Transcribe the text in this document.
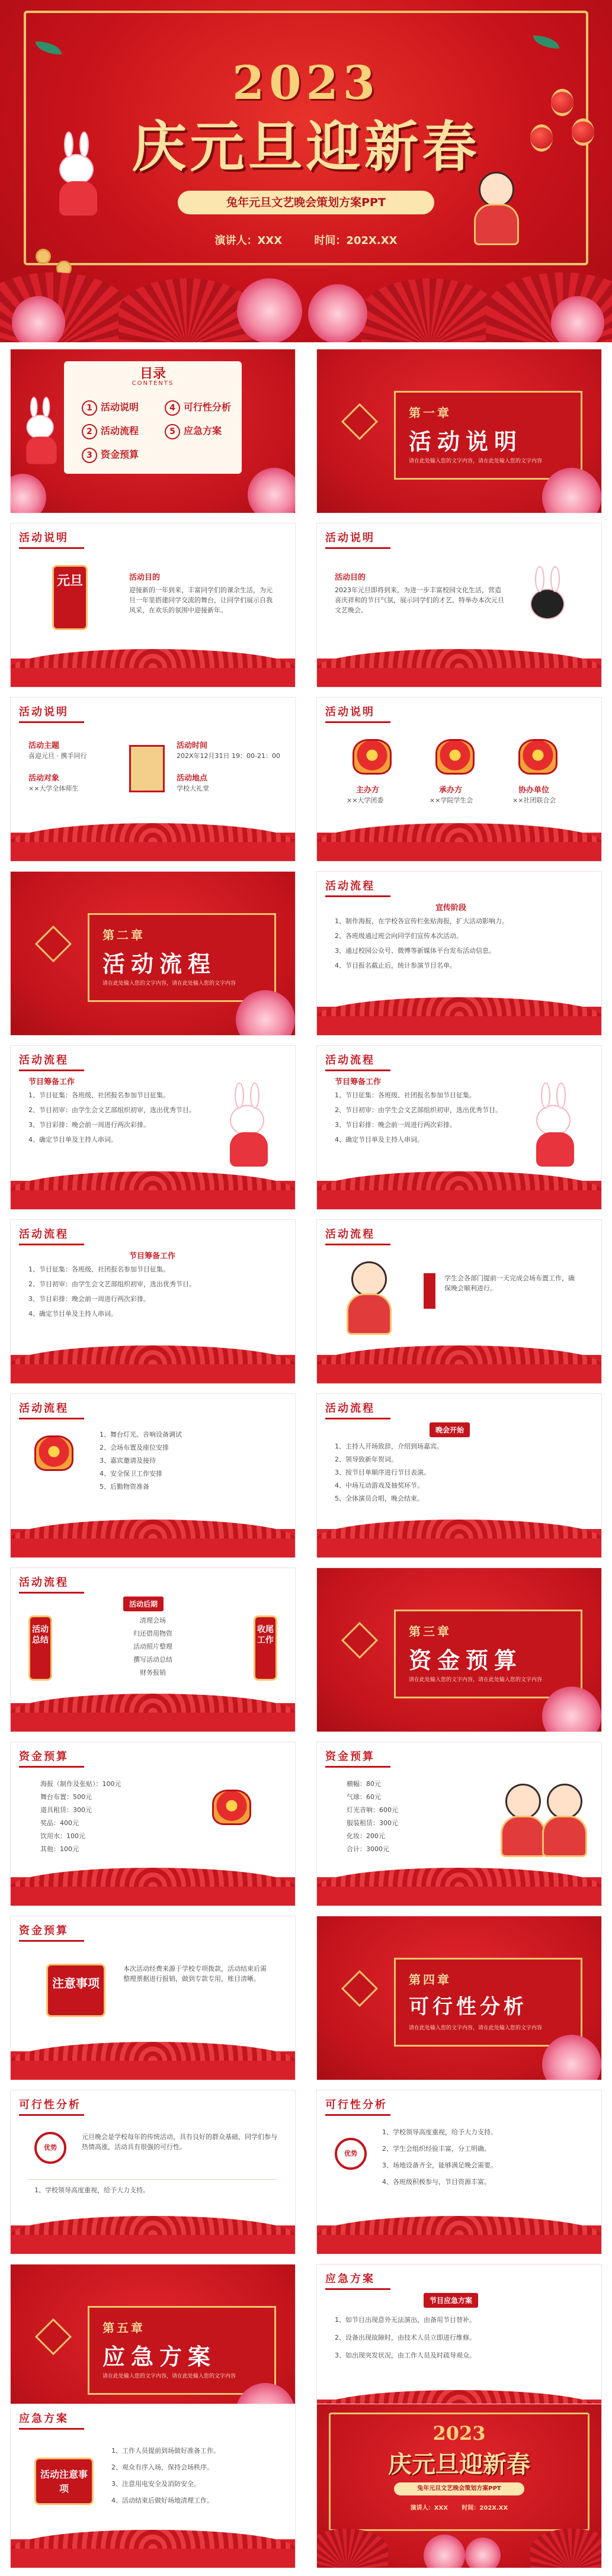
2023
庆元旦迎新春
兔年元旦文艺晚会策划方案PPT
演讲人：XXX	时间：202X.XX
目录
CONTENTS
1 活动说明	4 可行性分析
2 活动流程	5 应急方案
3 资金预算
第一章
活动说明
请在此处输入您的文字内容，请在此处输入您的文字内容
活动说明
元旦	活动目的
迎接新的一年到来，丰富同学们的课余生活，为元旦一年里搭建同学交流的舞台，让同学们展示自我风采，在欢乐的氛围中迎接新年。
活动说明
活动目的
2023年元旦即将到来，为进一步丰富校园文化生活，营造喜庆祥和的节日气氛，展示同学们的才艺，特举办本次元旦文艺晚会。
活动说明
活动主题
喜迎元旦 · 携手同行
活动对象
××大学全体师生
活动时间
202X年12月31日 19：00-21：00
活动地点
学校大礼堂
活动说明
主办方
××大学团委
承办方
××学院学生会
协办单位
××社团联合会
第二章
活动流程
请在此处输入您的文字内容，请在此处输入您的文字内容
活动流程
宣传阶段
1、制作海报，在学校各宣传栏张贴海报，扩大活动影响力。
2、各班级通过班会向同学们宣传本次活动。
3、通过校园公众号、微博等新媒体平台发布活动信息。
4、节目报名截止后，统计参演节目名单。
活动流程
节目筹备工作
1、节目征集：各班级、社团报名参加节目征集。
2、节目初审：由学生会文艺部组织初审，选出优秀节目。
3、节目彩排：晚会前一周进行两次彩排。
4、确定节目单及主持人串词。
活动流程
节目筹备工作
1、节目征集：各班级、社团报名参加节目征集。
2、节目初审：由学生会文艺部组织初审，选出优秀节目。
3、节目彩排：晚会前一周进行两次彩排。
4、确定节目单及主持人串词。
活动流程
节目筹备工作
1、节目征集：各班级、社团报名参加节目征集。
2、节目初审：由学生会文艺部组织初审，选出优秀节目。
3、节目彩排：晚会前一周进行两次彩排。
4、确定节目单及主持人串词。
活动流程
学生会各部门提前一天完成会场布置工作，确保晚会顺利进行。
活动流程
1、舞台灯光、音响设备调试
2、会场布置及座位安排
3、嘉宾邀请及接待
4、安全保卫工作安排
5、后勤物资准备
活动流程
晚会开始
1、主持人开场致辞，介绍到场嘉宾。
2、领导致新年贺词。
3、按节目单顺序进行节目表演。
4、中场互动游戏及抽奖环节。
5、全体演员合唱，晚会结束。
活动流程
活动后期
活动总结
收尾工作
清理会场
归还借用物资
活动照片整理
撰写活动总结
财务报销
第三章
资金预算
请在此处输入您的文字内容，请在此处输入您的文字内容
资金预算
海报（制作及张贴）：100元
舞台布置：500元
道具租赁：300元
奖品：400元
饮用水：100元
其他：100元
资金预算
横幅：80元
气球：60元
灯光音响：600元
服装租赁：300元
化妆：200元
合计：3000元
资金预算
注意事项
本次活动经费来源于学校专项拨款，活动结束后需整理票据进行报销，做到专款专用，账目清晰。	第四章
可行性分析
请在此处输入您的文字内容，请在此处输入您的文字内容
可行性分析
优势
元旦晚会是学校每年的传统活动，具有良好的群众基础，同学们参与热情高涨，活动具有很强的可行性。
1、学校领导高度重视，给予大力支持。
可行性分析
优势
1、学校领导高度重视，给予大力支持。
2、学生会组织经验丰富，分工明确。
3、场地设备齐全，能够满足晚会需要。
4、各班级积极参与，节目资源丰富。
第五章
应急方案
请在此处输入您的文字内容，请在此处输入您的文字内容
应急方案
节目应急方案
1、如节目出现意外无法演出，由备用节目替补。
2、设备出现故障时，由技术人员立即进行维修。
3、如出现突发状况，由工作人员及时疏导观众。
应急方案
活动注意事项
1、工作人员提前到场做好准备工作。
2、观众有序入场，保持会场秩序。
3、注意用电安全及消防安全。
4、活动结束后做好场地清理工作。
2023
庆元旦迎新春
兔年元旦文艺晚会策划方案PPT
演讲人：XXX 时间：202X.XX
